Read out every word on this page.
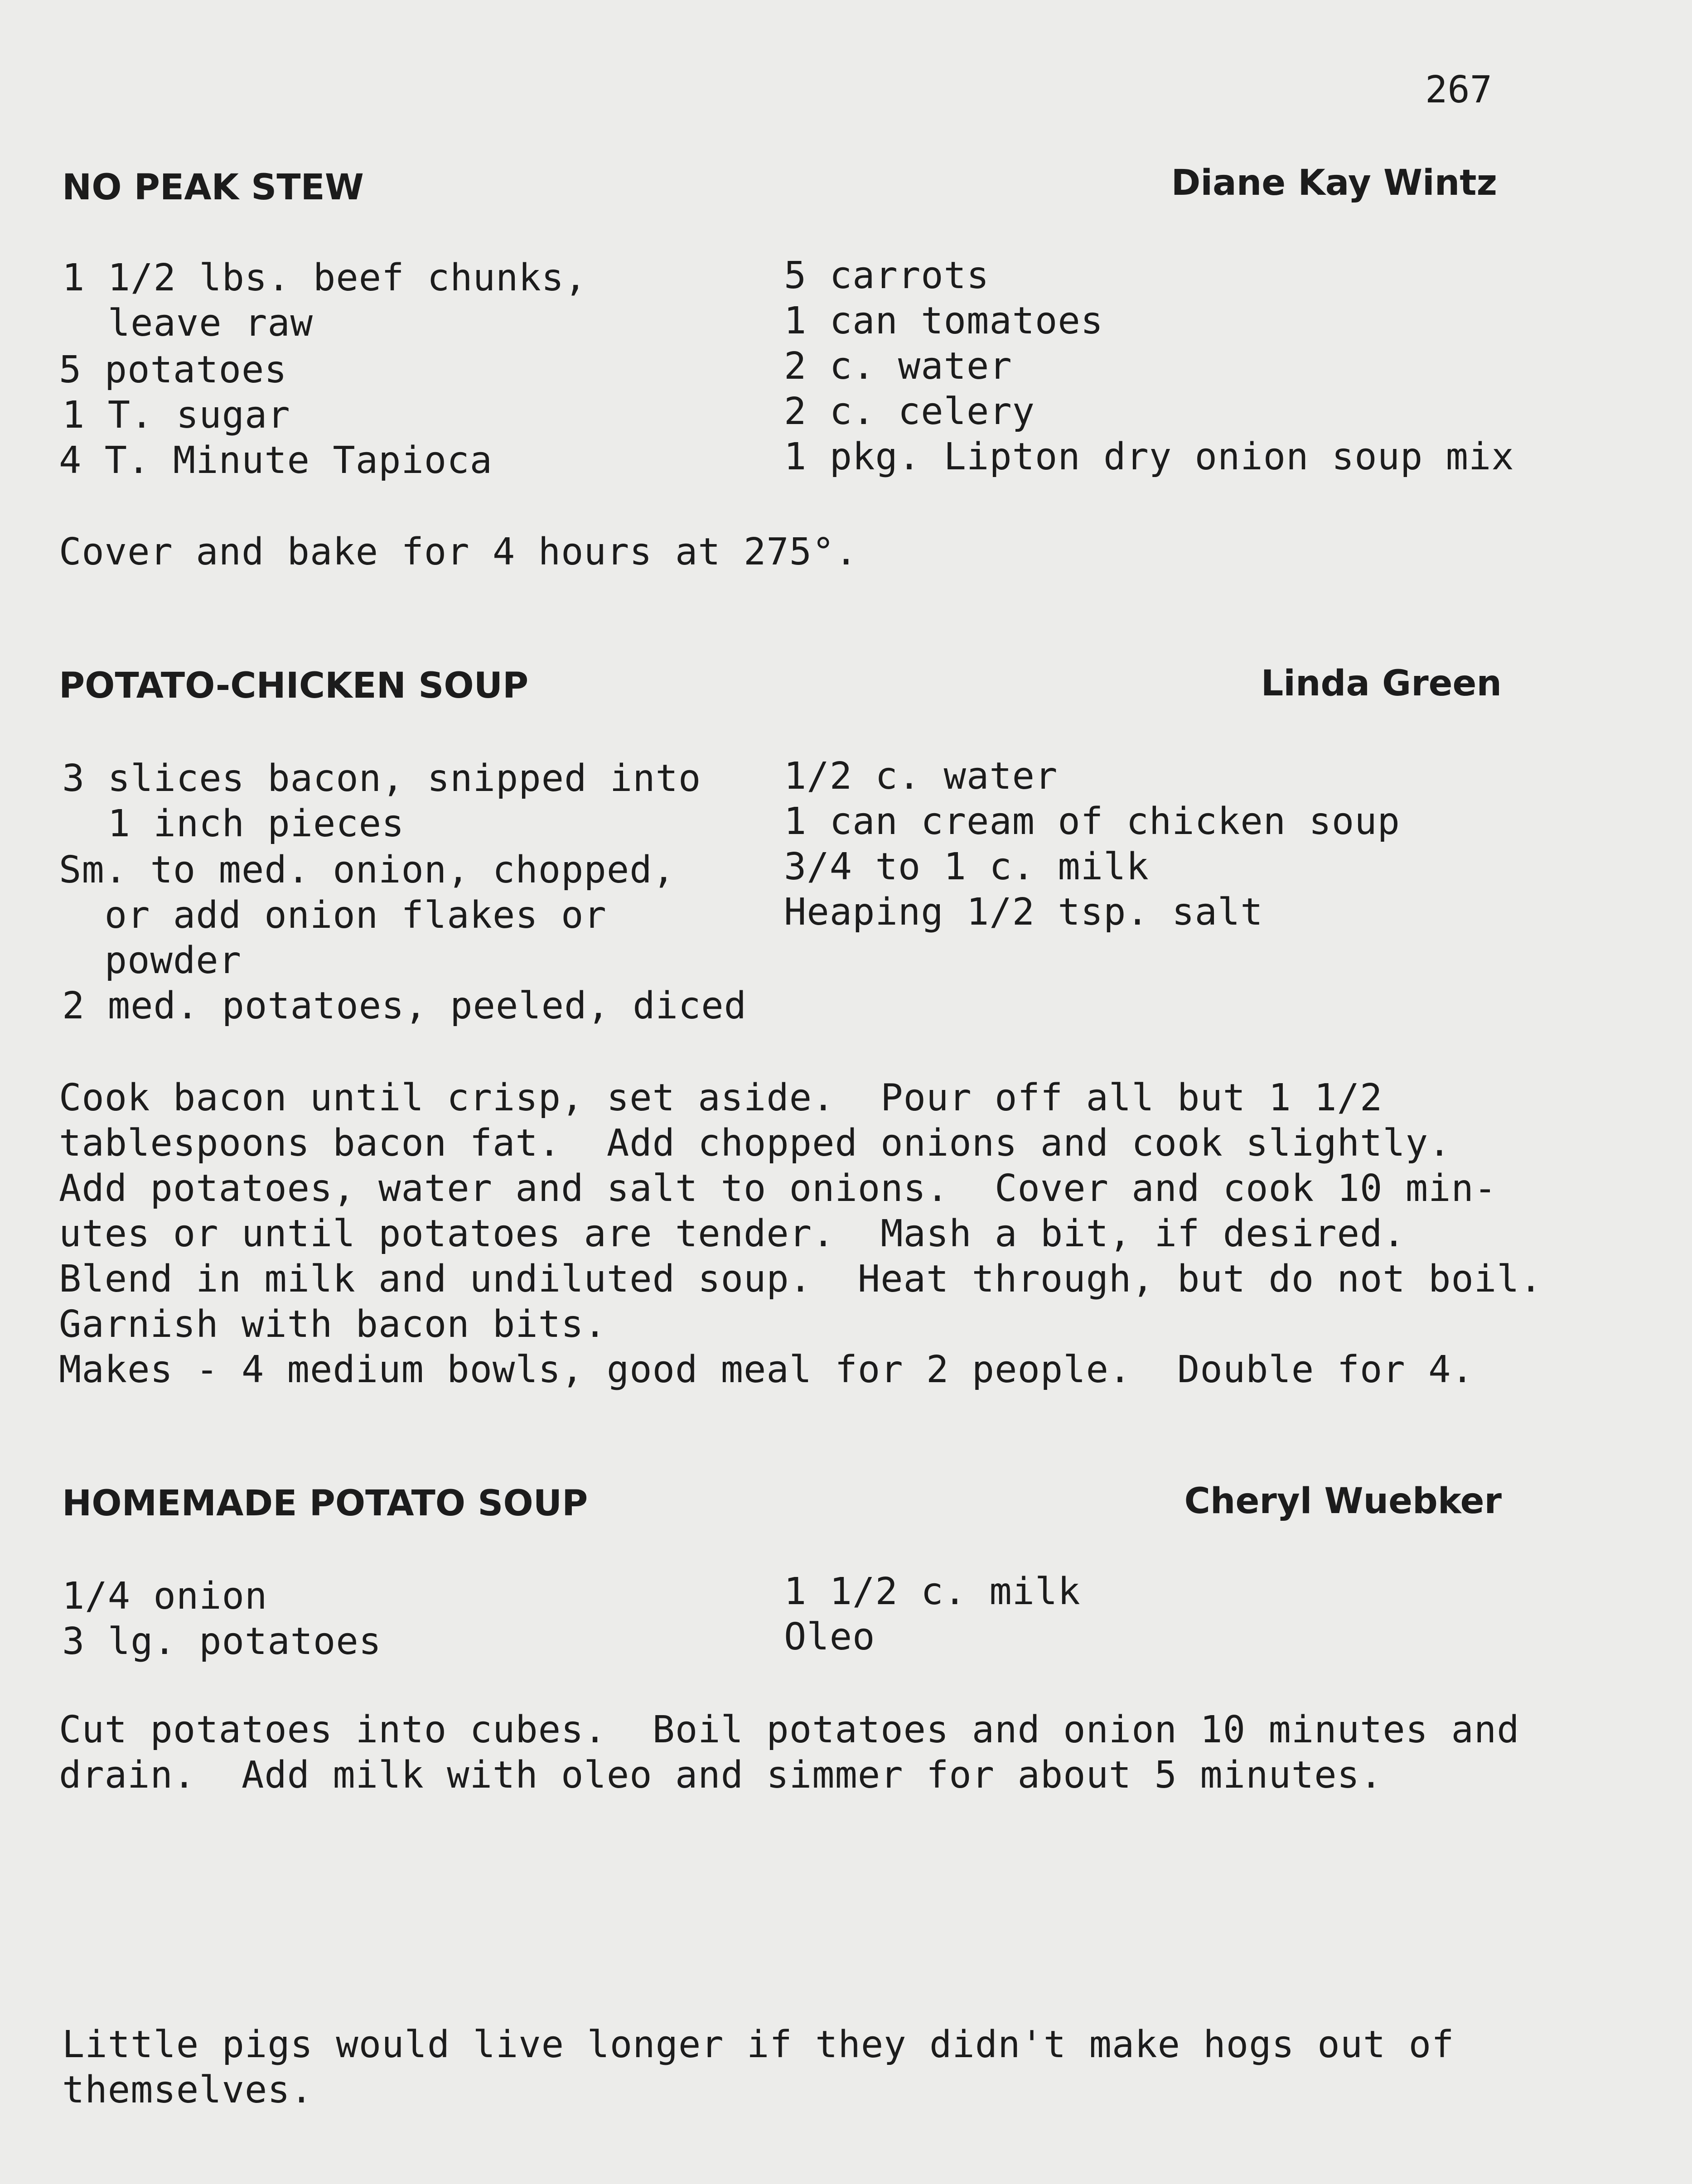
267
NO PEAK STEW	Diane Kay Wintz
1 1/2 lbs. beef chunks,
leave raw
5 potatoes
1 T. sugar
4 T. Minute Tapioca
5 carrots
1 can tomatoes
2 c. water
2 c. celery
1 pkg. Lipton dry onion soup mix
Cover and bake for 4 hours at 275°.
POTATO-CHICKEN SOUP	Linda Green
3 slices bacon, snipped into
1 inch pieces
Sm. to med. onion, chopped,
or add onion flakes or
powder
2 med. potatoes, peeled, diced
1/2 c. water
1 can cream of chicken soup
3/4 to 1 c. milk
Heaping 1/2 tsp. salt
Cook bacon until crisp, set aside.  Pour off all but 1 1/2
tablespoons bacon fat.  Add chopped onions and cook slightly.
Add potatoes, water and salt to onions.  Cover and cook 10 min-
utes or until potatoes are tender.  Mash a bit, if desired.
Blend in milk and undiluted soup.  Heat through, but do not boil.
Garnish with bacon bits.
Makes - 4 medium bowls, good meal for 2 people.  Double for 4.
HOMEMADE POTATO SOUP	Cheryl Wuebker
1/4 onion
3 lg. potatoes
1 1/2 c. milk
Oleo
Cut potatoes into cubes.  Boil potatoes and onion 10 minutes and
drain.  Add milk with oleo and simmer for about 5 minutes.
Little pigs would live longer if they didn't make hogs out of
themselves.
